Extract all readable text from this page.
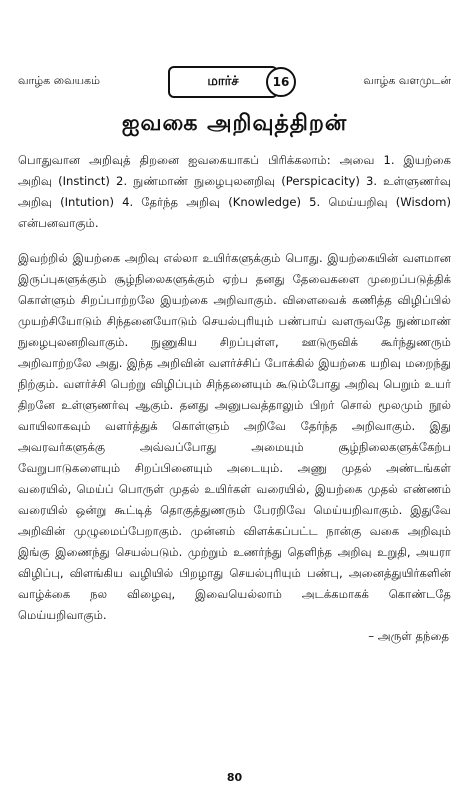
வாழ்க வையகம்	மார்ச்	16	வாழ்க வளமுடன்
ஐவகை அறிவுத்திறன்

பொதுவான அறிவுத் திறனை ஐவகையாகப் பிரிக்கலாம்: அவை 1. இயற்கை அறிவு (Instinct) 2. நுண்மாண் நுழைபுலனறிவு (Perspicacity) 3. உள்ளுணர்வு அறிவு (Intution) 4. தேர்ந்த அறிவு (Knowledge) 5. மெய்யறிவு (Wisdom) என்பனவாகும்.

இவற்றில் இயற்கை அறிவு எல்லா உயிர்களுக்கும் பொது. இயற்கையின் வளமான இருப்புகளுக்கும் சூழ்நிலைகளுக்கும் ஏற்ப தனது தேவைகளை முறைப்படுத்திக் கொள்ளும் சிறப்பாற்றலே இயற்கை அறிவாகும். விளைவைக் கணித்த விழிப்பில் முயற்சியோடும் சிந்தனையோடும் செயல்புரியும் பண்பாய் வளருவதே நுண்மாண் நுழைபுலனறிவாகும். நுணுகிய சிறப்புள்ள, ஊடுருவிக் கூர்ந்துணரும் அறிவாற்றலே அது. இந்த அறிவின் வளர்ச்சிப் போக்கில் இயற்கை யறிவு மறைந்து நிற்கும். வளர்ச்சி பெற்று விழிப்பும் சிந்தனையும் கூடும்போது அறிவு பெறும் உயர் திறனே உள்ளுணர்வு ஆகும். தனது அனுபவத்தாலும் பிறர் சொல் மூலமும் நூல் வாயிலாகவும் வளர்த்துக் கொள்ளும் அறிவே தேர்ந்த அறிவாகும். இது அவரவர்களுக்கு அவ்வப்போது அமையும் சூழ்நிலைகளுக்கேற்ப வேறுபாடுகளையும் சிறப்பினையும் அடையும். அணு முதல் அண்டங்கள் வரையில், மெய்ப் பொருள் முதல் உயிர்கள் வரையில், இயற்கை முதல் எண்ணம் வரையில் ஒன்று கூட்டித் தொகுத்துணரும் பேரறிவே மெய்யறிவாகும். இதுவே அறிவின் முழுமைப்பேறாகும். முன்னம் விளக்கப்பட்ட நான்கு வகை அறிவும் இங்கு இணைந்து செயல்படும். முற்றும் உணர்ந்து தெளிந்த அறிவு உறுதி, அயரா விழிப்பு, விளங்கிய வழியில் பிறழாது செயல்புரியும் பண்பு, அனைத்துயிர்களின் வாழ்க்கை நல விழைவு, இவையெல்லாம் அடக்கமாகக் கொண்டதே மெய்யறிவாகும்.

– அருள் தந்தை

80
